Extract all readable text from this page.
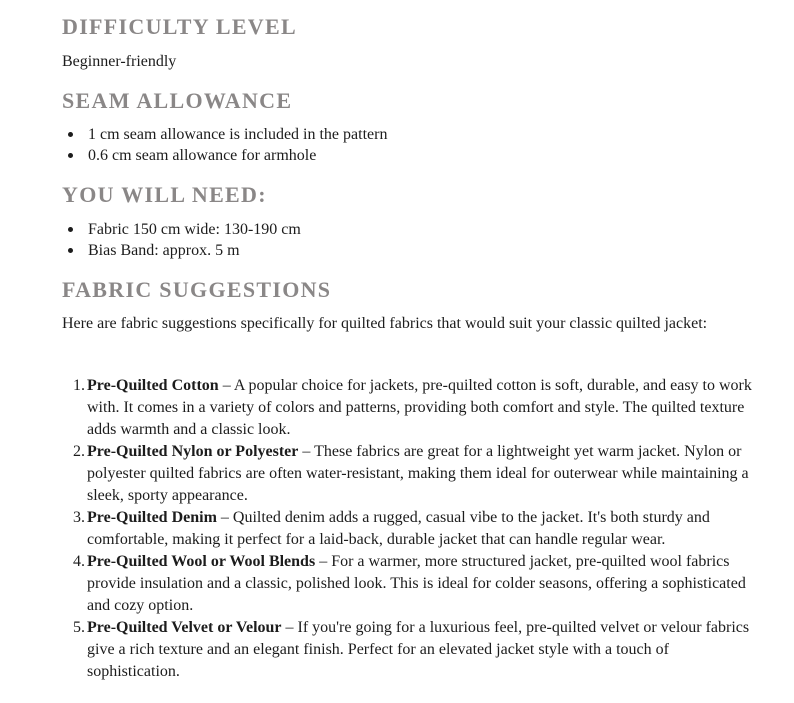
DIFFICULTY LEVEL

Beginner-friendly

SEAM ALLOWANCE
1 cm seam allowance is included in the pattern
0.6 cm seam allowance for armhole
YOU WILL NEED:
Fabric 150 cm wide: 130-190 cm
Bias Band: approx. 5 m
FABRIC SUGGESTIONS

Here are fabric suggestions specifically for quilted fabrics that would suit your classic quilted jacket:

1. Pre-Quilted Cotton – A popular choice for jackets, pre-quilted cotton is soft, durable, and easy to work with. It comes in a variety of colors and patterns, providing both comfort and style. The quilted texture adds warmth and a classic look.
2. Pre-Quilted Nylon or Polyester – These fabrics are great for a lightweight yet warm jacket. Nylon or polyester quilted fabrics are often water-resistant, making them ideal for outerwear while maintaining a sleek, sporty appearance.
3. Pre-Quilted Denim – Quilted denim adds a rugged, casual vibe to the jacket. It's both sturdy and comfortable, making it perfect for a laid-back, durable jacket that can handle regular wear.
4. Pre-Quilted Wool or Wool Blends – For a warmer, more structured jacket, pre-quilted wool fabrics provide insulation and a classic, polished look. This is ideal for colder seasons, offering a sophisticated and cozy option.
5. Pre-Quilted Velvet or Velour – If you're going for a luxurious feel, pre-quilted velvet or velour fabrics give a rich texture and an elegant finish. Perfect for an elevated jacket style with a touch of sophistication.
